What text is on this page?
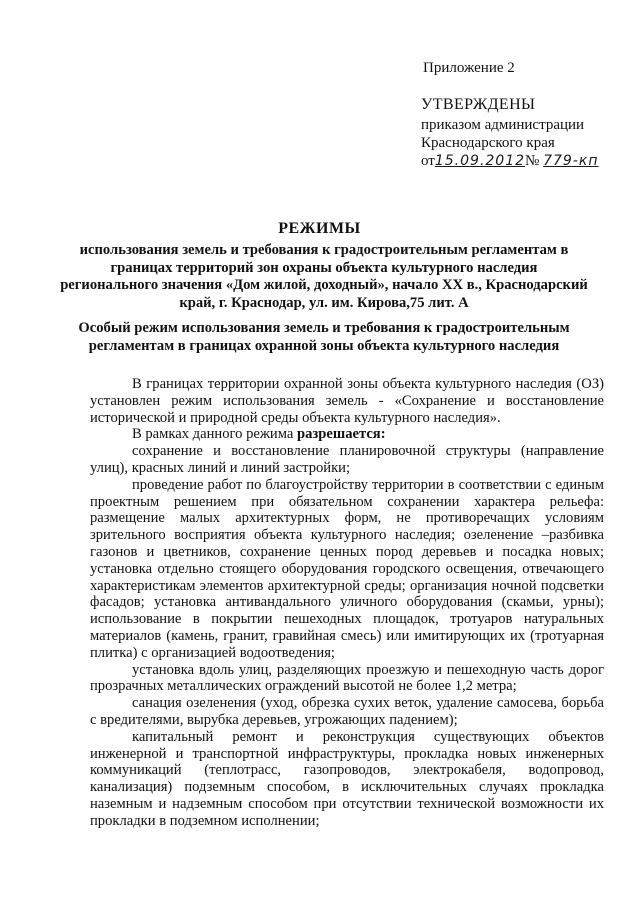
Приложение 2
УТВЕРЖДЕНЫ
приказом администрации
Краснодарского края
от15.09.2012№ 779-кп
РЕЖИМЫ
использования земель и требования к градостроительным регламентам в границах территорий зон охраны объекта культурного наследия регионального значения «Дом жилой, доходный», начало XX в., Краснодарский край, г. Краснодар, ул. им. Кирова,75 лит. А
Особый режим использования земель и требования к градостроительным регламентам в границах охранной зоны объекта культурного наследия

В границах территории охранной зоны объекта культурного наследия (ОЗ) установлен режим использования земель - «Сохранение и восстановление исторической и природной среды объекта культурного наследия».

В рамках данного режима разрешается:

сохранение и восстановление планировочной структуры (направление улиц), красных линий и линий застройки;

проведение работ по благоустройству территории в соответствии с единым проектным решением при обязательном сохранении характера рельефа: размещение малых архитектурных форм, не противоречащих условиям зрительного восприятия объекта культурного наследия; озеленение –разбивка газонов и цветников, сохранение ценных пород деревьев и посадка новых; установка отдельно стоящего оборудования городского освещения, отвечающего характеристикам элементов архитектурной среды; организация ночной подсветки фасадов; установка антивандального уличного оборудования (скамьи, урны); использование в покрытии пешеходных площадок, тротуаров натуральных материалов (камень, гранит, гравийная смесь) или имитирующих их (тротуарная плитка) с организацией водоотведения;

установка вдоль улиц, разделяющих проезжую и пешеходную часть дорог прозрачных металлических ограждений высотой не более 1,2 метра;

санация озеленения (уход, обрезка сухих веток, удаление самосева, борьба с вредителями, вырубка деревьев, угрожающих падением);

капитальный ремонт и реконструкция существующих объектов инженерной и транспортной инфраструктуры, прокладка новых инженерных коммуникаций (теплотрасс, газопроводов, электрокабеля, водопровод, канализация) подземным способом, в исключительных случаях прокладка наземным и надземным способом при отсутствии технической возможности их прокладки в подземном исполнении;
